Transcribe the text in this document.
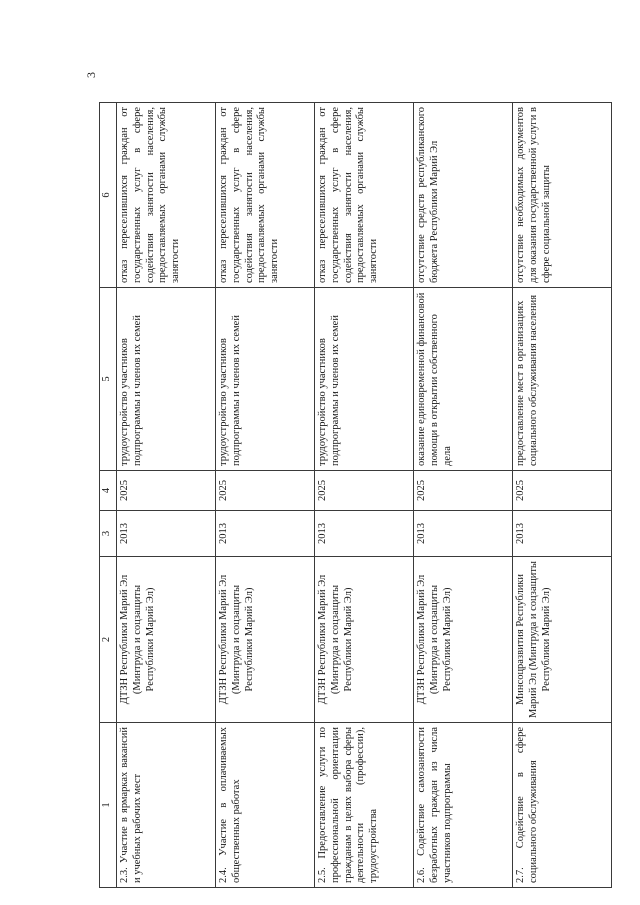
3
1	2	3	4	5	6
2.3. Участие в ярмарках вакансий и учебных рабочих мест	ДТЗН Республики Марий Эл (Минтруда и соцзащиты Республики Марий Эл)	2013	2025	трудоустройство участников подпрограммы и членов их семей	отказ переселившихся граждан от государственных услуг в сфере содействия занятости населения, предоставляемых органами службы занятости
2.4. Участие в оплачиваемых общественных работах	ДТЗН Республики Марий Эл (Минтруда и соцзащиты Республики Марий Эл)	2013	2025	трудоустройство участников подпрограммы и членов их семей	отказ переселившихся граждан от государственных услуг в сфере содействия занятости населения, предоставляемых органами службы занятости
2.5. Предоставление услуги по профессиональной ориентации гражданам в целях выбора сферы деятельности (профессии), трудоустройства	ДТЗН Республики Марий Эл (Минтруда и соцзащиты Республики Марий Эл)	2013	2025	трудоустройство участников подпрограммы и членов их семей	отказ переселившихся граждан от государственных услуг в сфере содействия занятости населения, предоставляемых органами службы занятости
2.6. Содействие самозанятости безработных граждан из числа участников подпрограммы	ДТЗН Республики Марий Эл (Минтруда и соцзащиты Республики Марий Эл)	2013	2025	оказание единовременной финансовой помощи в открытии собственного дела	отсутствие средств республиканского бюджета Республики Марий Эл
2.7. Содействие в сфере социального обслуживания	Минсоцразвития Республики Марий Эл (Минтруда и соцзащиты Республики Марий Эл)	2013	2025	предоставление мест в организациях социального обслуживания населения	отсутствие необходимых документов для оказания государственной услуги в сфере социальной защиты
